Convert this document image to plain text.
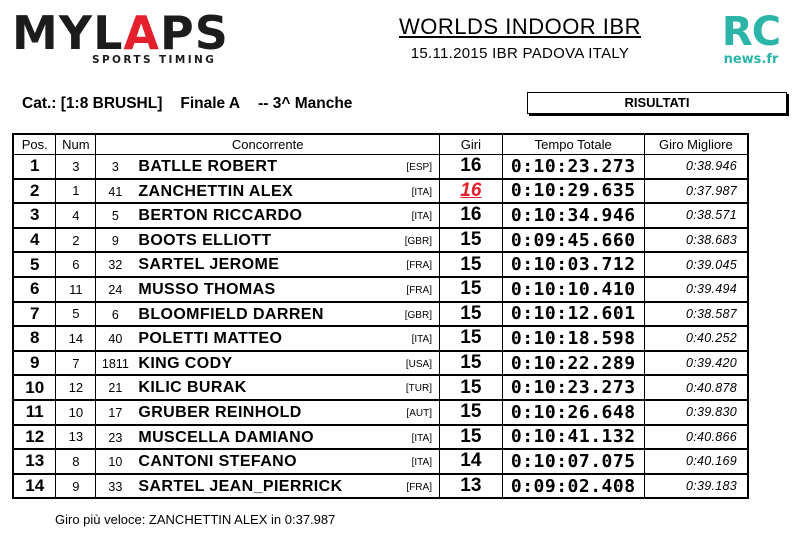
MYLAPS
SPORTS TIMING
WORLDS INDOOR IBR
15.11.2015 IBR PADOVA ITALY	RC
news.fr
Cat.: [1:8 BRUSHL] Finale A -- 3^ Manche	RISULTATI
Pos.	Num	Concorrente	Giri	Tempo Totale	Giro Migliore
1	3	3 BATLLE ROBERT [ESP]	16	0:10:23.273	0:38.946
2	1	41 ZANCHETTIN ALEX [ITA]	16	0:10:29.635	0:37.987
3	4	5 BERTON RICCARDO [ITA]	16	0:10:34.946	0:38.571
4	2	9 BOOTS ELLIOTT [GBR]	15	0:09:45.660	0:38.683
5	6	32 SARTEL JEROME [FRA]	15	0:10:03.712	0:39.045
6	11	24 MUSSO THOMAS [FRA]	15	0:10:10.410	0:39.494
7	5	6 BLOOMFIELD DARREN [GBR]	15	0:10:12.601	0:38.587
8	14	40 POLETTI MATTEO [ITA]	15	0:10:18.598	0:40.252
9	7	1811 KING CODY [USA]	15	0:10:22.289	0:39.420
10	12	21 KILIC BURAK [TUR]	15	0:10:23.273	0:40.878
11	10	17 GRUBER REINHOLD [AUT]	15	0:10:26.648	0:39.830
12	13	23 MUSCELLA DAMIANO [ITA]	15	0:10:41.132	0:40.866
13	8	10 CANTONI STEFANO [ITA]	14	0:10:07.075	0:40.169
14	9	33 SARTEL JEAN_PIERRICK [FRA]	13	0:09:02.408	0:39.183
Giro più veloce: ZANCHETTIN ALEX in 0:37.987
